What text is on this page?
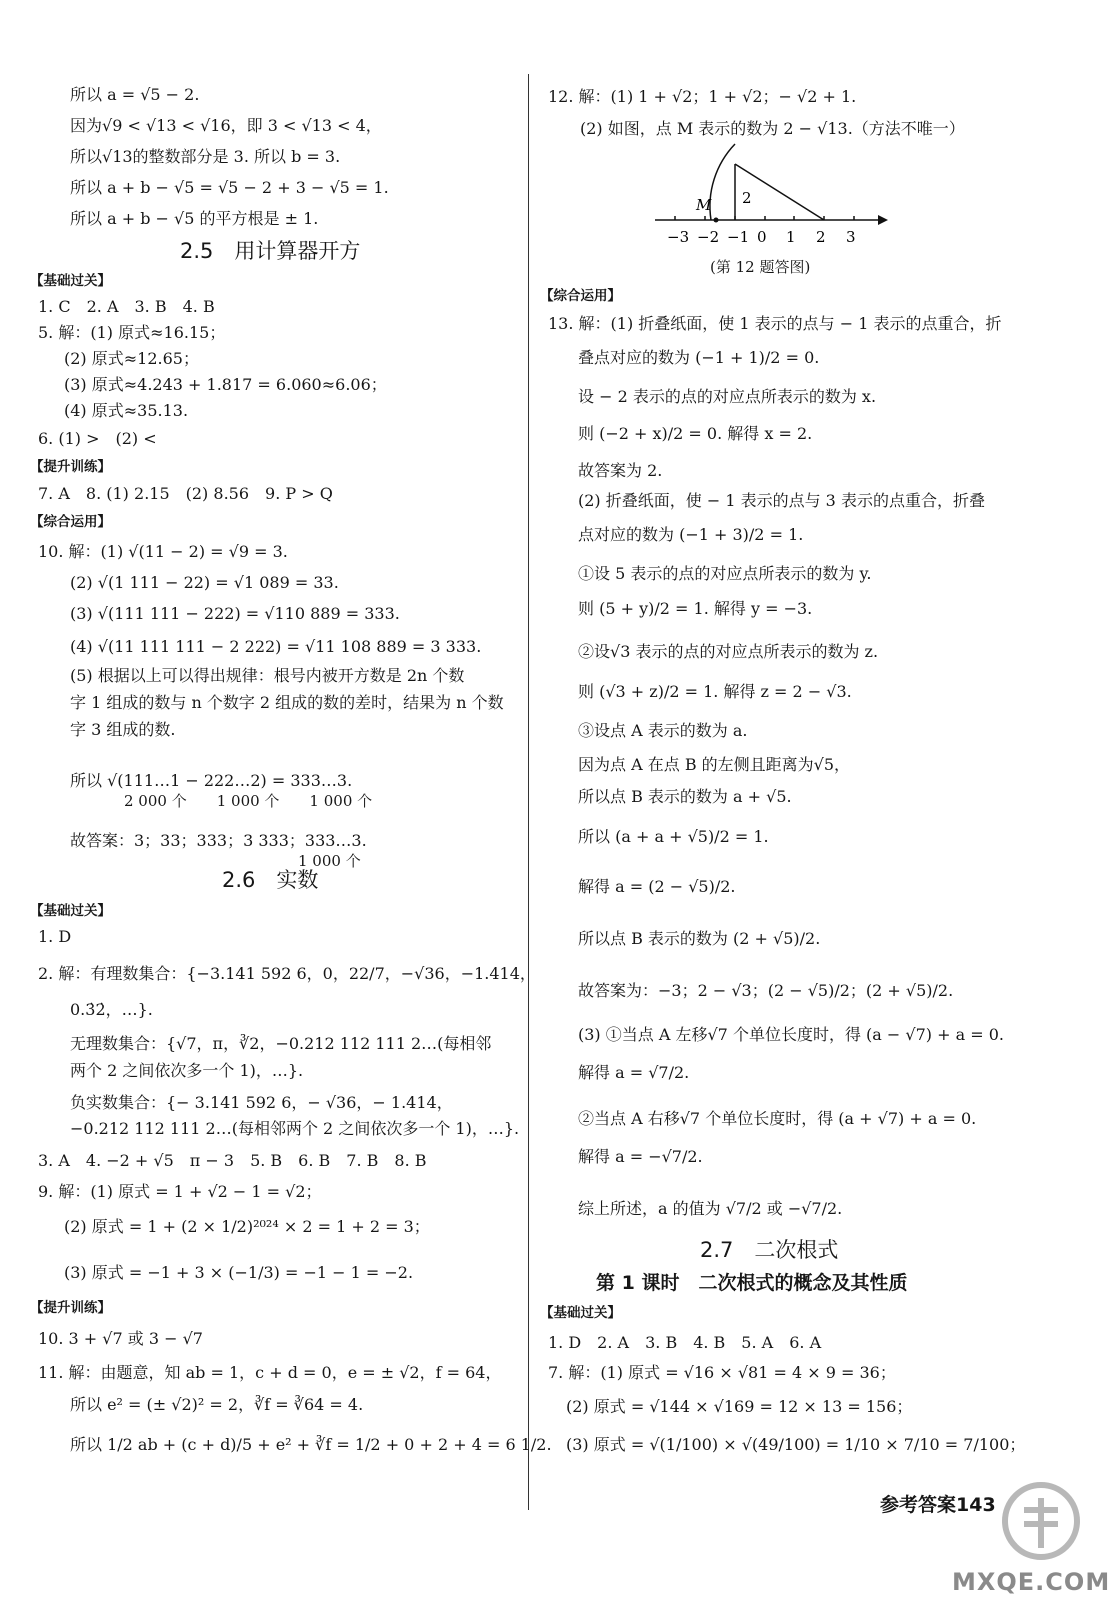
所以 a = √5 − 2.
因为√9 < √13 < √16，即 3 < √13 < 4，
所以√13的整数部分是 3. 所以 b = 3.
所以 a + b − √5 = √5 − 2 + 3 − √5 = 1.
所以 a + b − √5 的平方根是 ± 1.
2.5　用计算器开方
【基础过关】
1. C　2. A　3. B　4. B
5. 解：(1) 原式≈16.15；
(2) 原式≈12.65；
(3) 原式≈4.243 + 1.817 = 6.060≈6.06；
(4) 原式≈35.13.
6. (1) >　(2) <
【提升训练】
7. A　8. (1) 2.15　(2) 8.56　9. P > Q
【综合运用】
10. 解：(1) √(11 − 2) = √9 = 3.
(2) √(1 111 − 22) = √1 089 = 33.
(3) √(111 111 − 222) = √110 889 = 333.
(4) √(11 111 111 − 2 222) = √11 108 889 = 3 333.
(5) 根据以上可以得出规律：根号内被开方数是 2n 个数
字 1 组成的数与 n 个数字 2 组成的数的差时，结果为 n 个数
字 3 组成的数.
所以 √(111…1 − 222…2) = 333…3.
2 000 个　　1 000 个　　1 000 个
故答案：3；33；333；3 333；333…3.
1 000 个
2.6　实数
【基础过关】
1. D
2. 解：有理数集合：{−3.141 592 6，0，22/7，−√36，−1.414，
0.3̇2̇，…}.
无理数集合：{√7，π，∛2，−0.212 112 111 2…(每相邻
两个 2 之间依次多一个 1)，…}.
负实数集合：{− 3.141 592 6，− √36，− 1.414，
−0.212 112 111 2…(每相邻两个 2 之间依次多一个 1)，…}.
3. A　4. −2 + √5　π − 3　5. B　6. B　7. B　8. B
9. 解：(1) 原式 = 1 + √2 − 1 = √2；
(2) 原式 = 1 + (2 × 1/2)²⁰²⁴ × 2 = 1 + 2 = 3；
(3) 原式 = −1 + 3 × (−1/3) = −1 − 1 = −2.
【提升训练】
10. 3 + √7 或 3 − √7
11. 解：由题意，知 ab = 1，c + d = 0，e = ± √2，f = 64，
所以 e² = (± √2)² = 2，∛f = ∛64 = 4.
所以 1/2 ab + (c + d)/5 + e² + ∛f = 1/2 + 0 + 2 + 4 = 6 1/2.
12. 解：(1) 1 + √2；1 + √2；− √2 + 1.
(2) 如图，点 M 表示的数为 2 − √13.（方法不唯一）
(第 12 题答图)
【综合运用】
13. 解：(1) 折叠纸面，使 1 表示的点与 − 1 表示的点重合，折
叠点对应的数为 (−1 + 1)/2 = 0.
设 − 2 表示的点的对应点所表示的数为 x.
则 (−2 + x)/2 = 0. 解得 x = 2.
故答案为 2.
(2) 折叠纸面，使 − 1 表示的点与 3 表示的点重合，折叠
点对应的数为 (−1 + 3)/2 = 1.
①设 5 表示的点的对应点所表示的数为 y.
则 (5 + y)/2 = 1. 解得 y = −3.
②设√3 表示的点的对应点所表示的数为 z.
则 (√3 + z)/2 = 1. 解得 z = 2 − √3.
③设点 A 表示的数为 a.
因为点 A 在点 B 的左侧且距离为√5，
所以点 B 表示的数为 a + √5.
所以 (a + a + √5)/2 = 1.
解得 a = (2 − √5)/2.
所以点 B 表示的数为 (2 + √5)/2.
故答案为：−3；2 − √3；(2 − √5)/2；(2 + √5)/2.
(3) ①当点 A 左移√7 个单位长度时，得 (a − √7) + a = 0.
解得 a = √7/2.
②当点 A 右移√7 个单位长度时，得 (a + √7) + a = 0.
解得 a = −√7/2.
综上所述，a 的值为 √7/2 或 −√7/2.
2.7　二次根式
第 1 课时　二次根式的概念及其性质
【基础过关】
1. D　2. A　3. B　4. B　5. A　6. A
7. 解：(1) 原式 = √16 × √81 = 4 × 9 = 36；
(2) 原式 = √144 × √169 = 12 × 13 = 156；
(3) 原式 = √(1/100) × √(49/100) = 1/10 × 7/10 = 7/100；
−3 −2 −1 0 1 2 3
M 2
参考答案143
MXQE.COM
